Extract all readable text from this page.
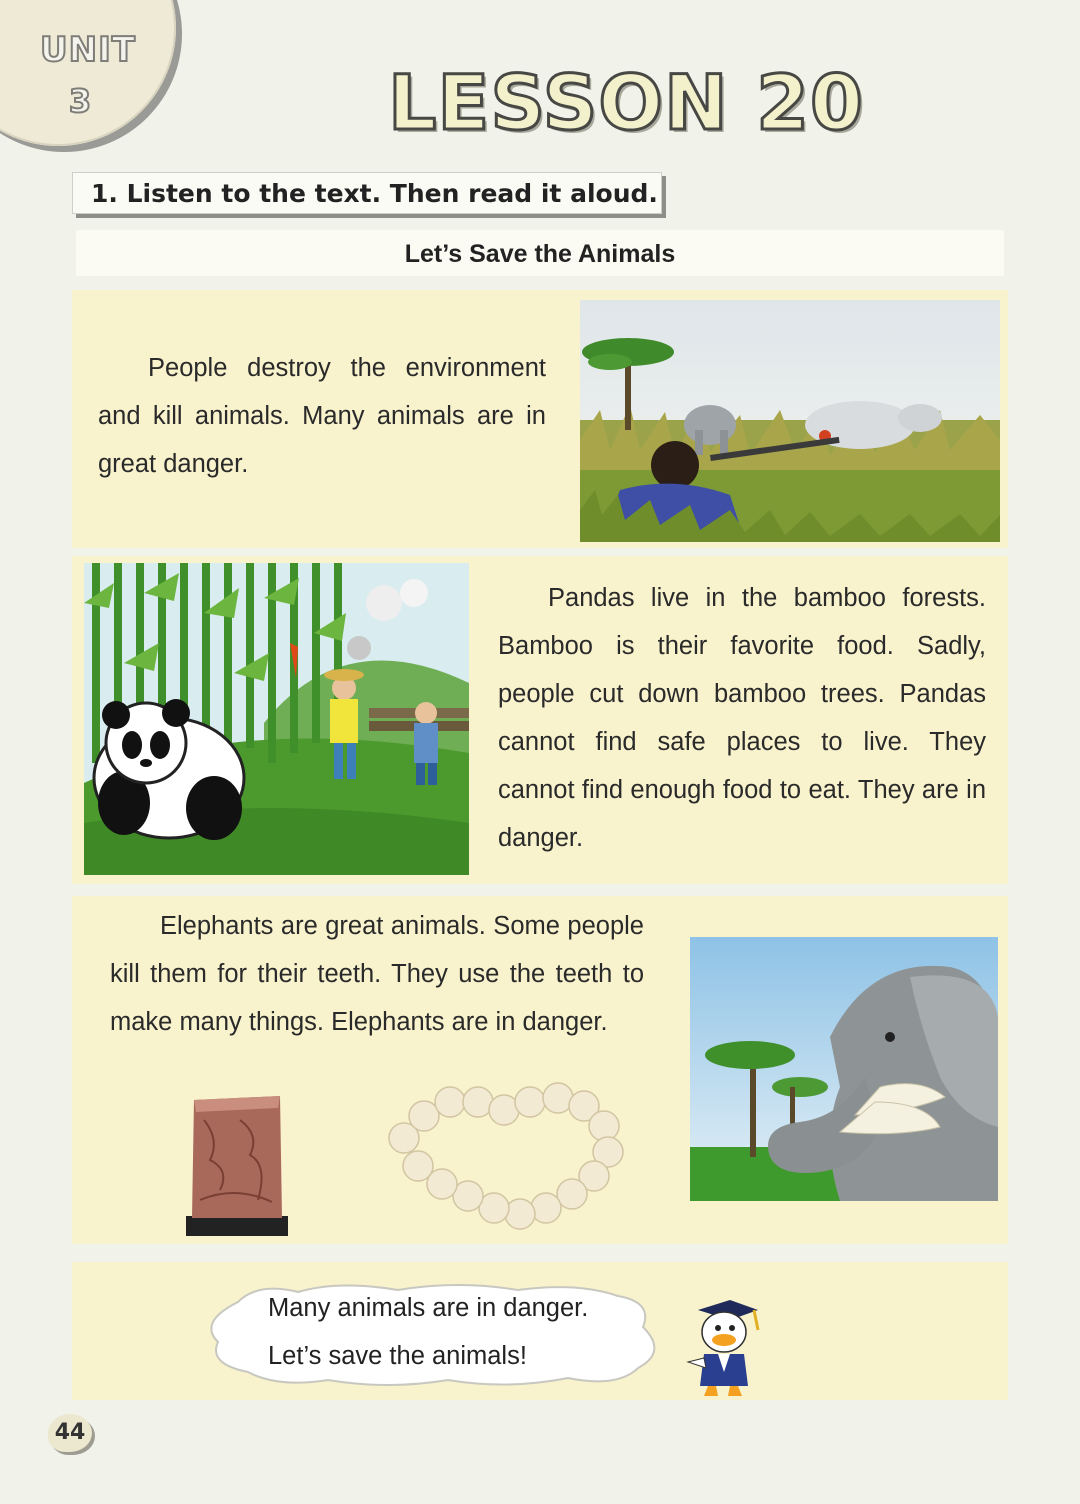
UNIT
3	LESSON 20
1. Listen to the text. Then read it aloud.
Let’s Save the Animals

People destroy the environment and kill animals. Many animals are in great danger.

Pandas live in the bamboo forests. Bamboo is their favorite food. Sadly, people cut down bamboo trees. Pandas cannot find safe places to live. They cannot find enough food to eat. They are in danger.

Elephants are great animals. Some people kill them for their teeth. They use the teeth to make many things. Elephants are in danger.

Many animals are in danger.
Let’s save the animals!
44
